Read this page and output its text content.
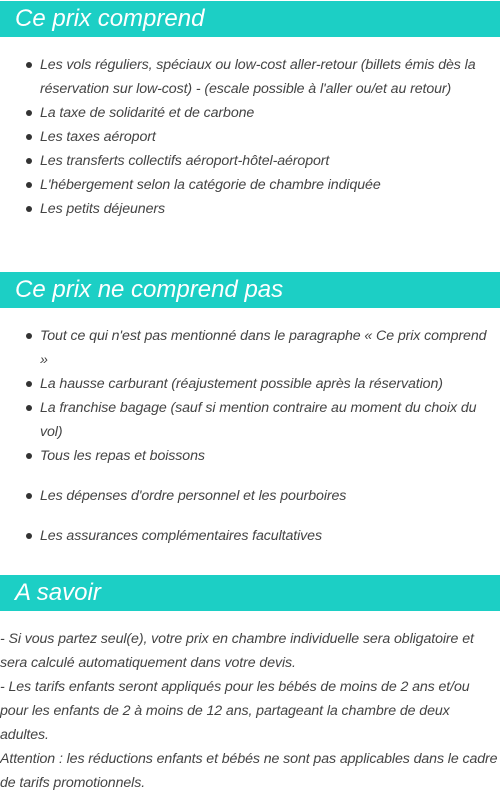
Ce prix comprend
Les vols réguliers, spéciaux ou low-cost aller-retour (billets émis dès la réservation sur low-cost) - (escale possible à l'aller ou/et au retour)
La taxe de solidarité et de carbone
Les taxes aéroport
Les transferts collectifs aéroport-hôtel-aéroport
L'hébergement selon la catégorie de chambre indiquée
Les petits déjeuners
Ce prix ne comprend pas
Tout ce qui n'est pas mentionné dans le paragraphe « Ce prix comprend »
La hausse carburant (réajustement possible après la réservation)
La franchise bagage (sauf si mention contraire au moment du choix du vol)
Tous les repas et boissons
Les dépenses d'ordre personnel et les pourboires
Les assurances complémentaires facultatives
A savoir

- Si vous partez seul(e), votre prix en chambre individuelle sera obligatoire et sera calculé automatiquement dans votre devis.

- Les tarifs enfants seront appliqués pour les bébés de moins de 2 ans et/ou pour les enfants de 2 à moins de 12 ans, partageant la chambre de deux adultes.

Attention : les réductions enfants et bébés ne sont pas applicables dans le cadre de tarifs promotionnels.
